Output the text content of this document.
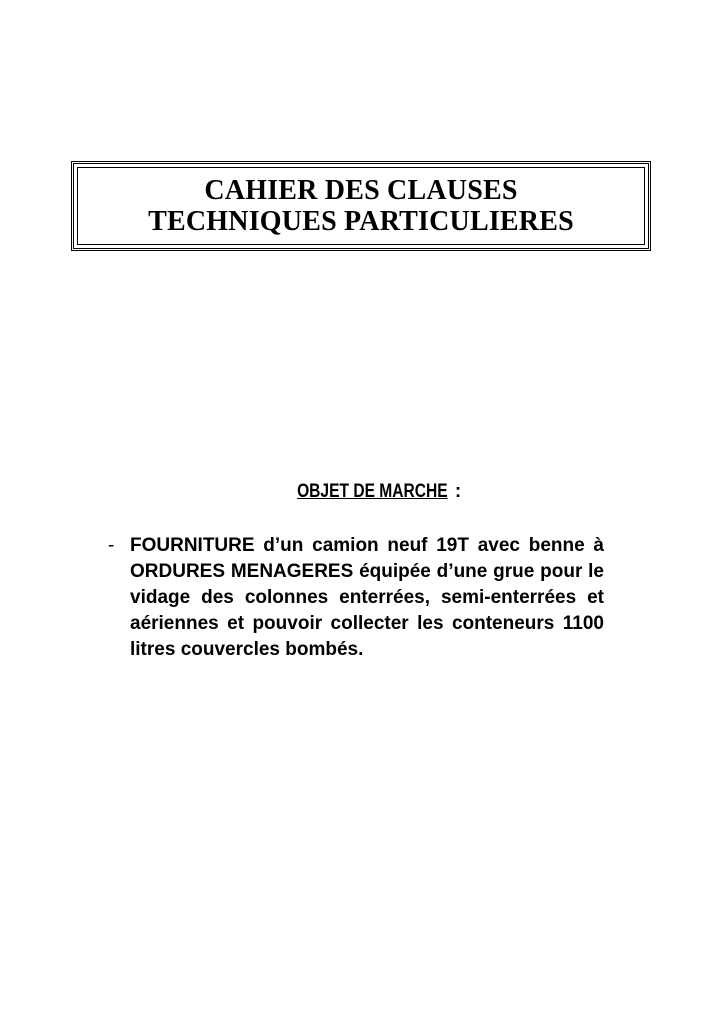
CAHIER DES CLAUSES
TECHNIQUES PARTICULIERES
OBJET DE MARCHE :
- FOURNITURE d’un camion neuf 19T avec benne à ORDURES MENAGERES équipée d’une grue pour le vidage des colonnes enterrées, semi-enterrées et aériennes et pouvoir collecter les conteneurs 1100 litres couvercles bombés.
